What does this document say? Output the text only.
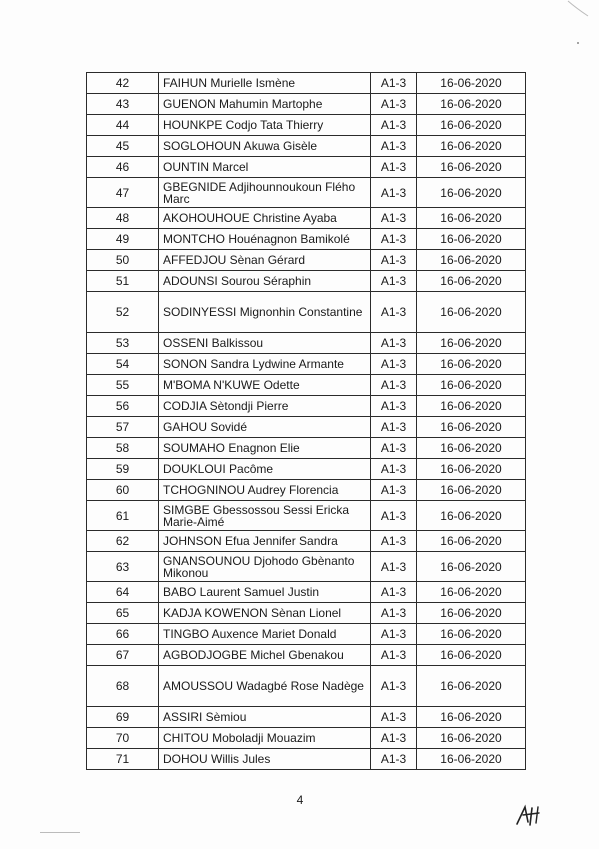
42	FAIHUN Murielle Ismène	A1-3	16-06-2020
43	GUENON Mahumin Martophe	A1-3	16-06-2020
44	HOUNKPE Codjo Tata Thierry	A1-3	16-06-2020
45	SOGLOHOUN Akuwa Gisèle	A1-3	16-06-2020
46	OUNTIN Marcel	A1-3	16-06-2020
47	GBEGNIDE Adjihounnoukoun Flého Marc	A1-3	16-06-2020
48	AKOHOUHOUE Christine Ayaba	A1-3	16-06-2020
49	MONTCHO Houénagnon Bamikolé	A1-3	16-06-2020
50	AFFEDJOU Sènan Gérard	A1-3	16-06-2020
51	ADOUNSI Sourou Séraphin	A1-3	16-06-2020
52	SODINYESSI Mignonhin Constantine	A1-3	16-06-2020
53	OSSENI Balkissou	A1-3	16-06-2020
54	SONON Sandra Lydwine Armante	A1-3	16-06-2020
55	M'BOMA N'KUWE Odette	A1-3	16-06-2020
56	CODJIA Sètondji Pierre	A1-3	16-06-2020
57	GAHOU Sovidé	A1-3	16-06-2020
58	SOUMAHO Enagnon Elie	A1-3	16-06-2020
59	DOUKLOUI Pacôme	A1-3	16-06-2020
60	TCHOGNINOU Audrey Florencia	A1-3	16-06-2020
61	SIMGBE Gbessossou Sessi Ericka Marie-Aimé	A1-3	16-06-2020
62	JOHNSON Efua Jennifer Sandra	A1-3	16-06-2020
63	GNANSOUNOU Djohodo Gbènanto Mikonou	A1-3	16-06-2020
64	BABO Laurent Samuel Justin	A1-3	16-06-2020
65	KADJA KOWENON Sènan Lionel	A1-3	16-06-2020
66	TINGBO Auxence Mariet Donald	A1-3	16-06-2020
67	AGBODJOGBE Michel Gbenakou	A1-3	16-06-2020
68	AMOUSSOU Wadagbé Rose Nadège	A1-3	16-06-2020
69	ASSIRI Sèmiou	A1-3	16-06-2020
70	CHITOU Moboladji Mouazim	A1-3	16-06-2020
71	DOHOU Willis Jules	A1-3	16-06-2020
4
